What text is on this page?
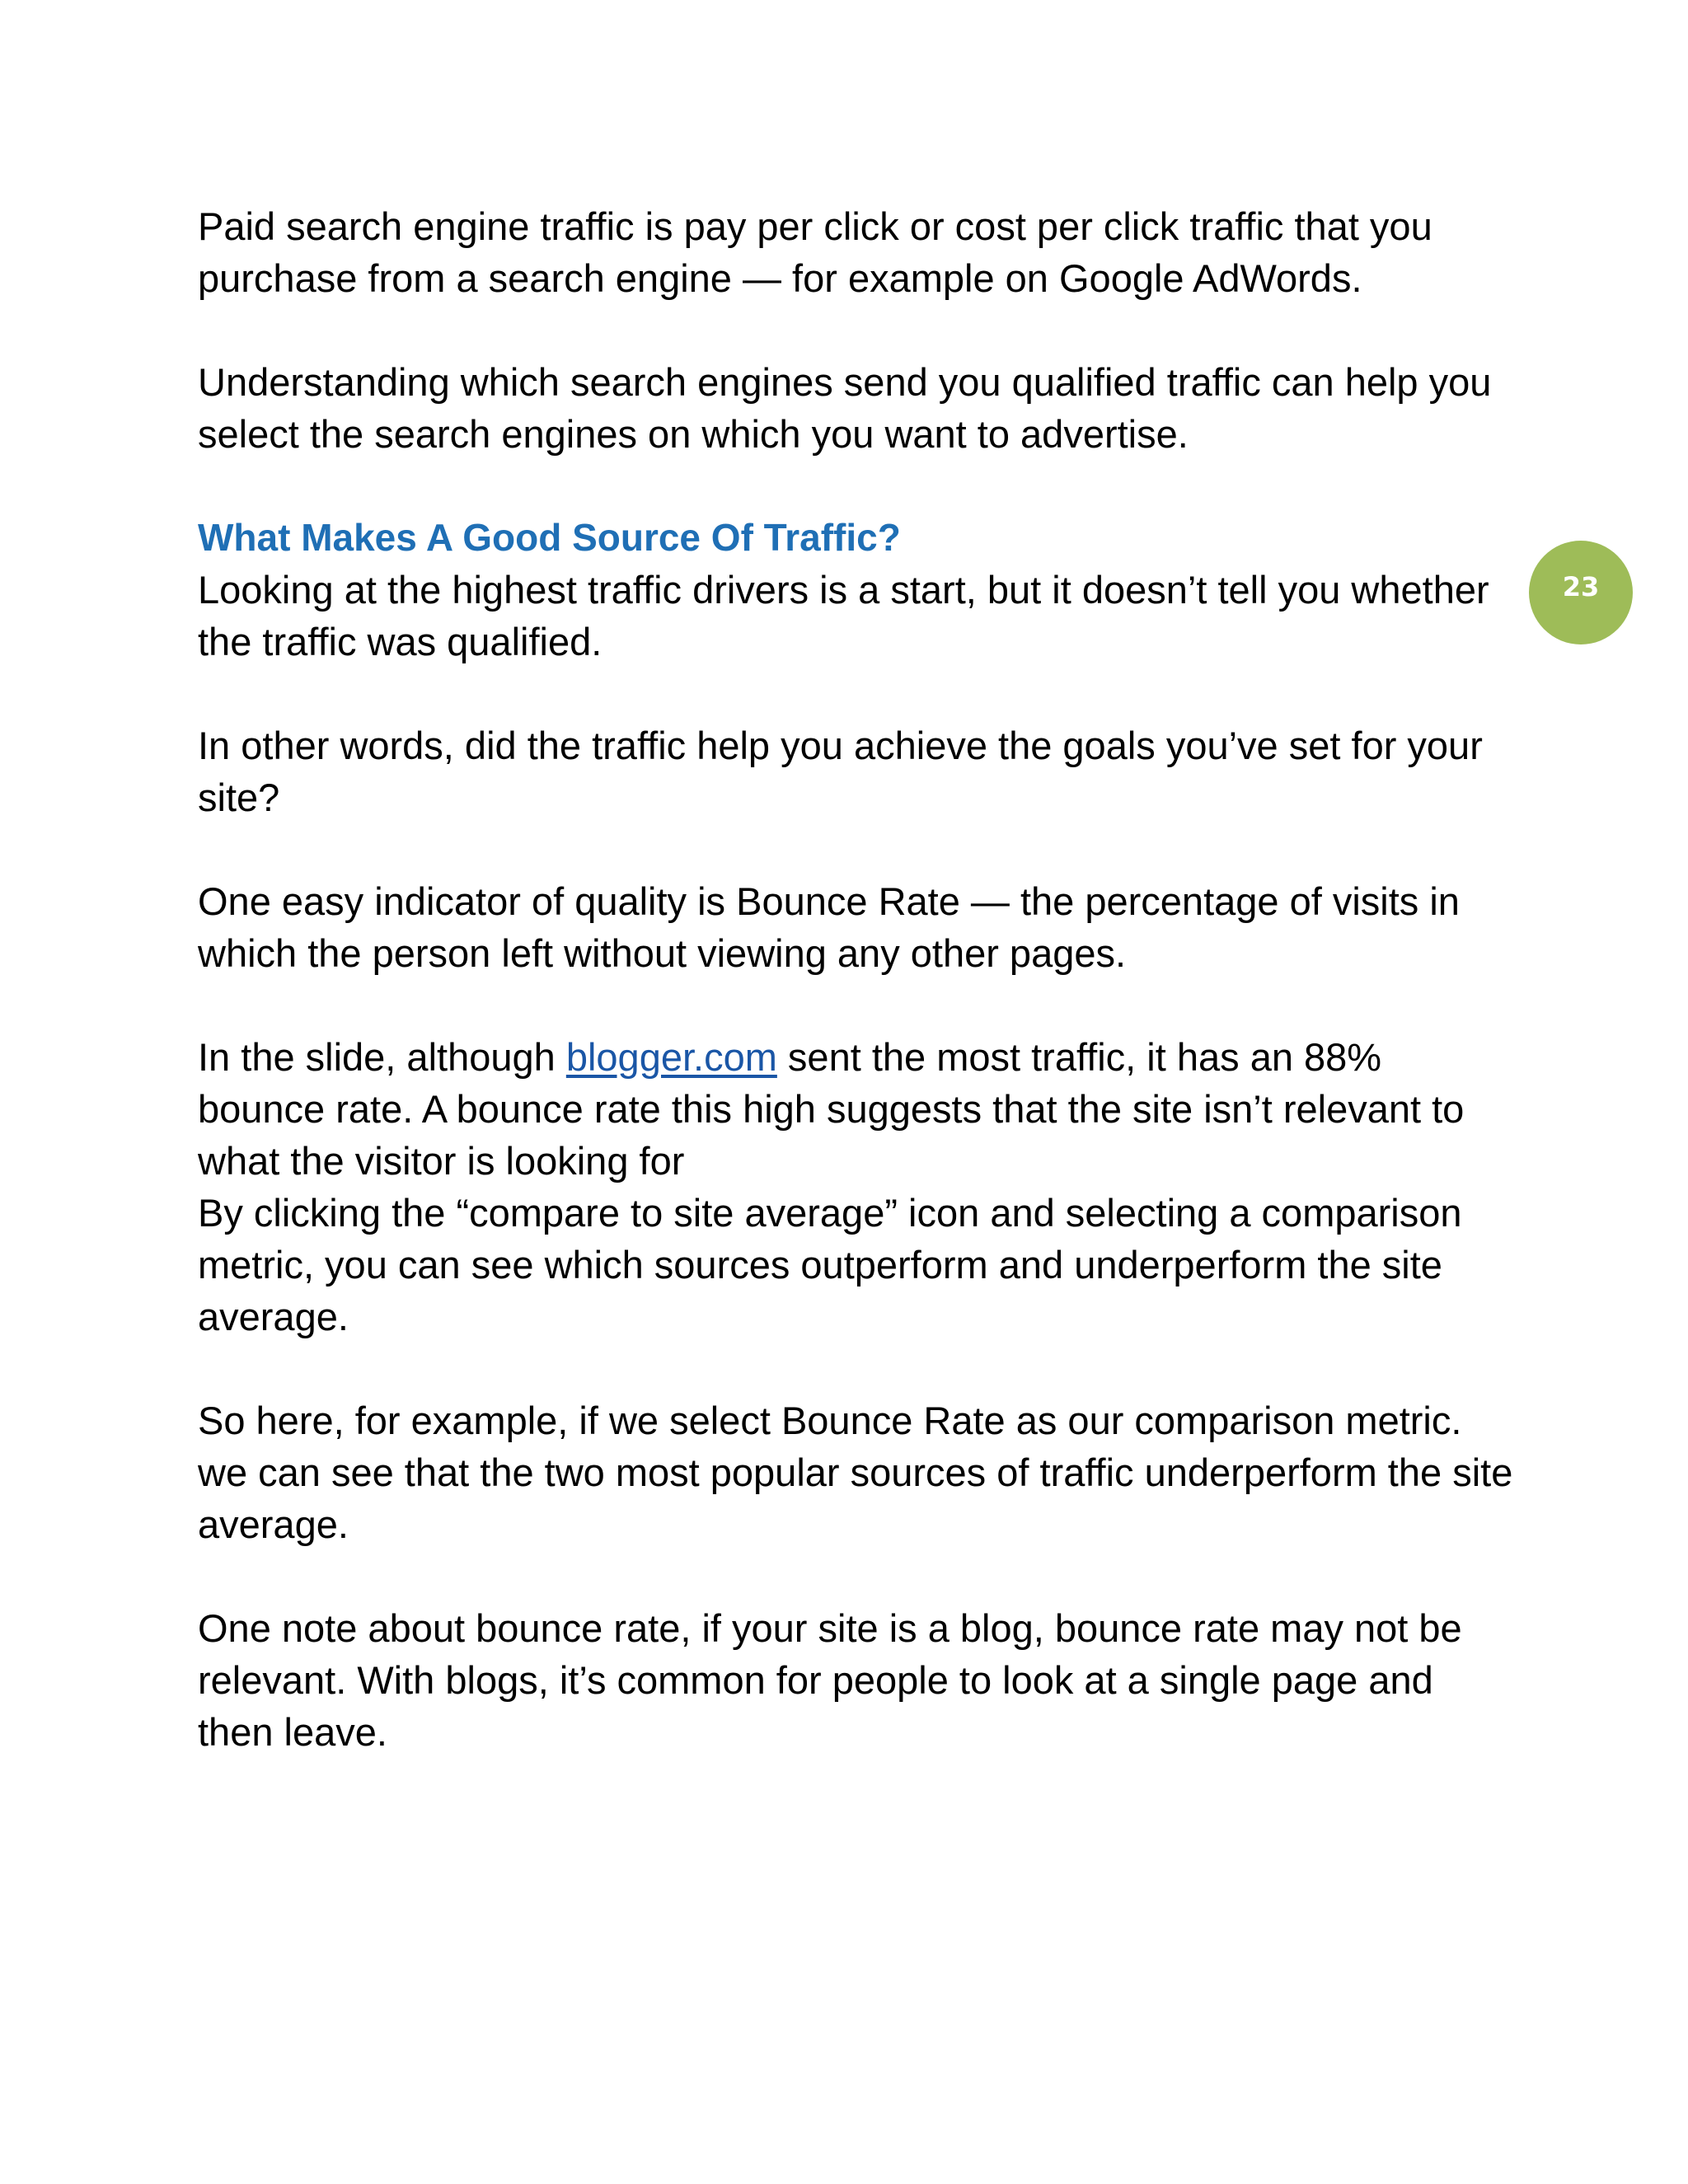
Paid search engine traffic is pay per click or cost per click traffic that you purchase from a search engine — for example on Google AdWords.

Understanding which search engines send you qualified traffic can help you select the search engines on which you want to advertise.

What Makes A Good Source Of Traffic?

Looking at the highest traffic drivers is a start, but it doesn’t tell you whether the traffic was qualified.

In other words, did the traffic help you achieve the goals you’ve set for your site?

One easy indicator of quality is Bounce Rate — the percentage of visits in which the person left without viewing any other pages.

In the slide, although blogger.com sent the most traffic, it has an 88% bounce rate. A bounce rate this high suggests that the site isn’t relevant to what the visitor is looking for

By clicking the “compare to site average” icon and selecting a comparison metric, you can see which sources outperform and underperform the site average.

So here, for example, if we select Bounce Rate as our comparison metric. we can see that the two most popular sources of traffic underperform the site average.

One note about bounce rate, if your site is a blog, bounce rate may not be relevant. With blogs, it’s common for people to look at a single page and then leave.

23
